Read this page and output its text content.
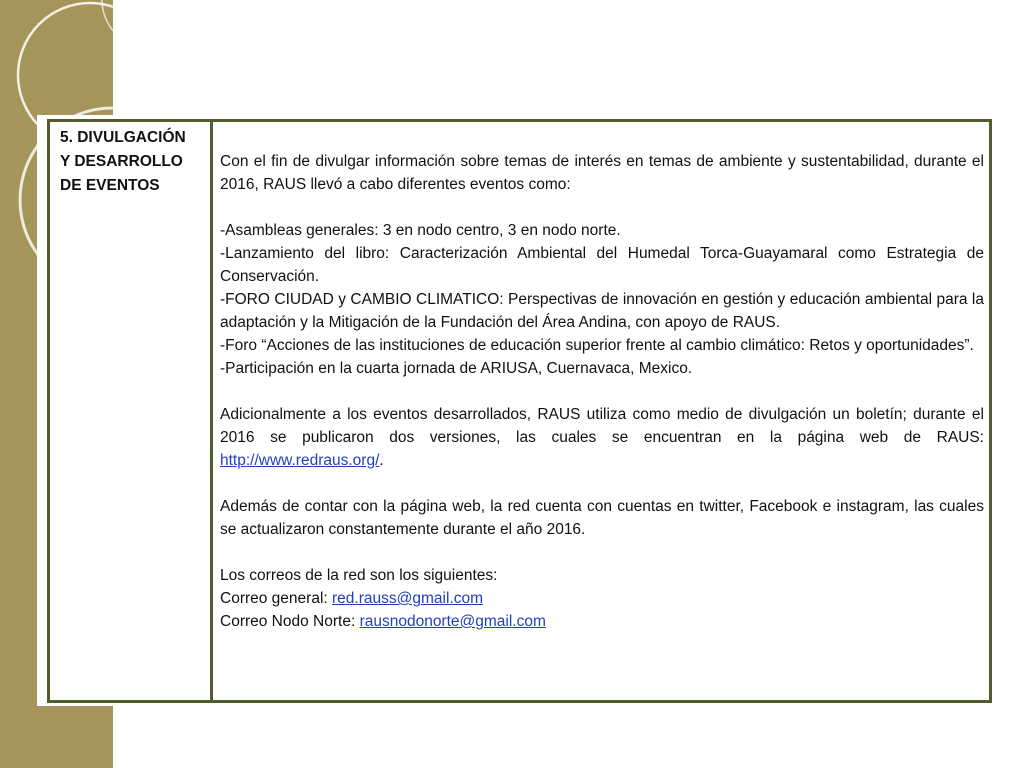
5. DIVULGACIÓN
Y DESARROLLO
DE EVENTOS

Con el fin de divulgar información sobre temas de interés en temas de ambiente y sustentabilidad, durante el 2016, RAUS llevó a cabo diferentes eventos como:

-Asambleas generales: 3 en nodo centro, 3 en nodo norte.

-Lanzamiento del libro: Caracterización Ambiental del Humedal Torca-Guayamaral como Estrategia de Conservación.

-FORO CIUDAD y CAMBIO CLIMATICO: Perspectivas de innovación en gestión y educación ambiental para la adaptación y la Mitigación de la Fundación del Área Andina, con apoyo de RAUS.

-Foro “Acciones de las instituciones de educación superior frente al cambio climático: Retos y oportunidades”.

-Participación en la cuarta jornada de ARIUSA, Cuernavaca, Mexico.

Adicionalmente a los eventos desarrollados, RAUS utiliza como medio de divulgación un boletín; durante el 2016 se publicaron dos versiones, las cuales se encuentran en la página web de RAUS: http://www.redraus.org/.

Además de contar con la página web, la red cuenta con cuentas en twitter, Facebook e instagram, las cuales se actualizaron constantemente durante el año 2016.

Los correos de la red son los siguientes:

Correo general: red.rauss@gmail.com

Correo Nodo Norte: rausnodonorte@gmail.com
